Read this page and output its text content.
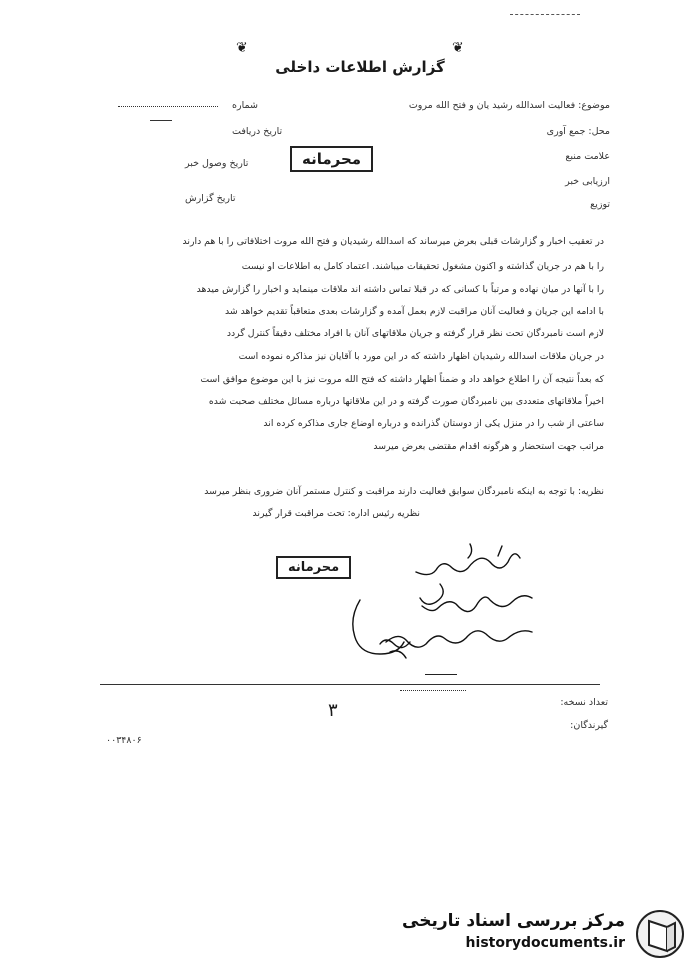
❦	❦
گزارش اطلاعات داخلی
موضوع: فعالیت اسدالله رشید یان و فتح الله مروت
محل: جمع آوری
علامت منبع
ارزیابی خبر
توزیع
شماره
تاریخ دریافت
تاریخ وصول خبر
تاریخ گزارش
محرمانه
در تعقیب اخبار و گزارشات قبلی بعرض میرساند که اسدالله رشیدیان و فتح الله مروت اختلافاتی را با هم دارند
را با هم در جریان گذاشته و اکنون مشغول تحقیقات میباشند. اعتماد کامل به اطلاعات او نیست
را با آنها در میان نهاده و مرتباً با کسانی که در قبلا تماس داشته اند ملاقات مینماید و اخبار را گزارش میدهد
با ادامه این جریان و فعالیت آنان مراقبت لازم بعمل آمده و گزارشات بعدی متعاقباً تقدیم خواهد شد
لازم است نامبردگان تحت نظر قرار گرفته و جریان ملاقاتهای آنان با افراد مختلف دقیقاً کنترل گردد
در جریان ملاقات اسدالله رشیدیان اظهار داشته که در این مورد با آقایان نیز مذاکره نموده است
که بعداً نتیجه آن را اطلاع خواهد داد و ضمناً اظهار داشته که فتح الله مروت نیز با این موضوع موافق است
اخیراً ملاقاتهای متعددی بین نامبردگان صورت گرفته و در این ملاقاتها درباره مسائل مختلف صحبت شده
ساعتی از شب را در منزل یکی از دوستان گذرانده و درباره اوضاع جاری مذاکره کرده اند
مراتب جهت استحضار و هرگونه اقدام مقتضی بعرض میرسد
نظریه: با توجه به اینکه نامبردگان سوابق فعالیت دارند مراقبت و کنترل مستمر آنان ضروری بنظر میرسد
نظریه رئیس اداره: تحت مراقبت قرار گیرند
محرمانه
تعداد نسخه:
گیرندگان:
۳
۰۰۳۴۸۰۶
مرکز بررسی اسناد تاریخی
historydocuments.ir
